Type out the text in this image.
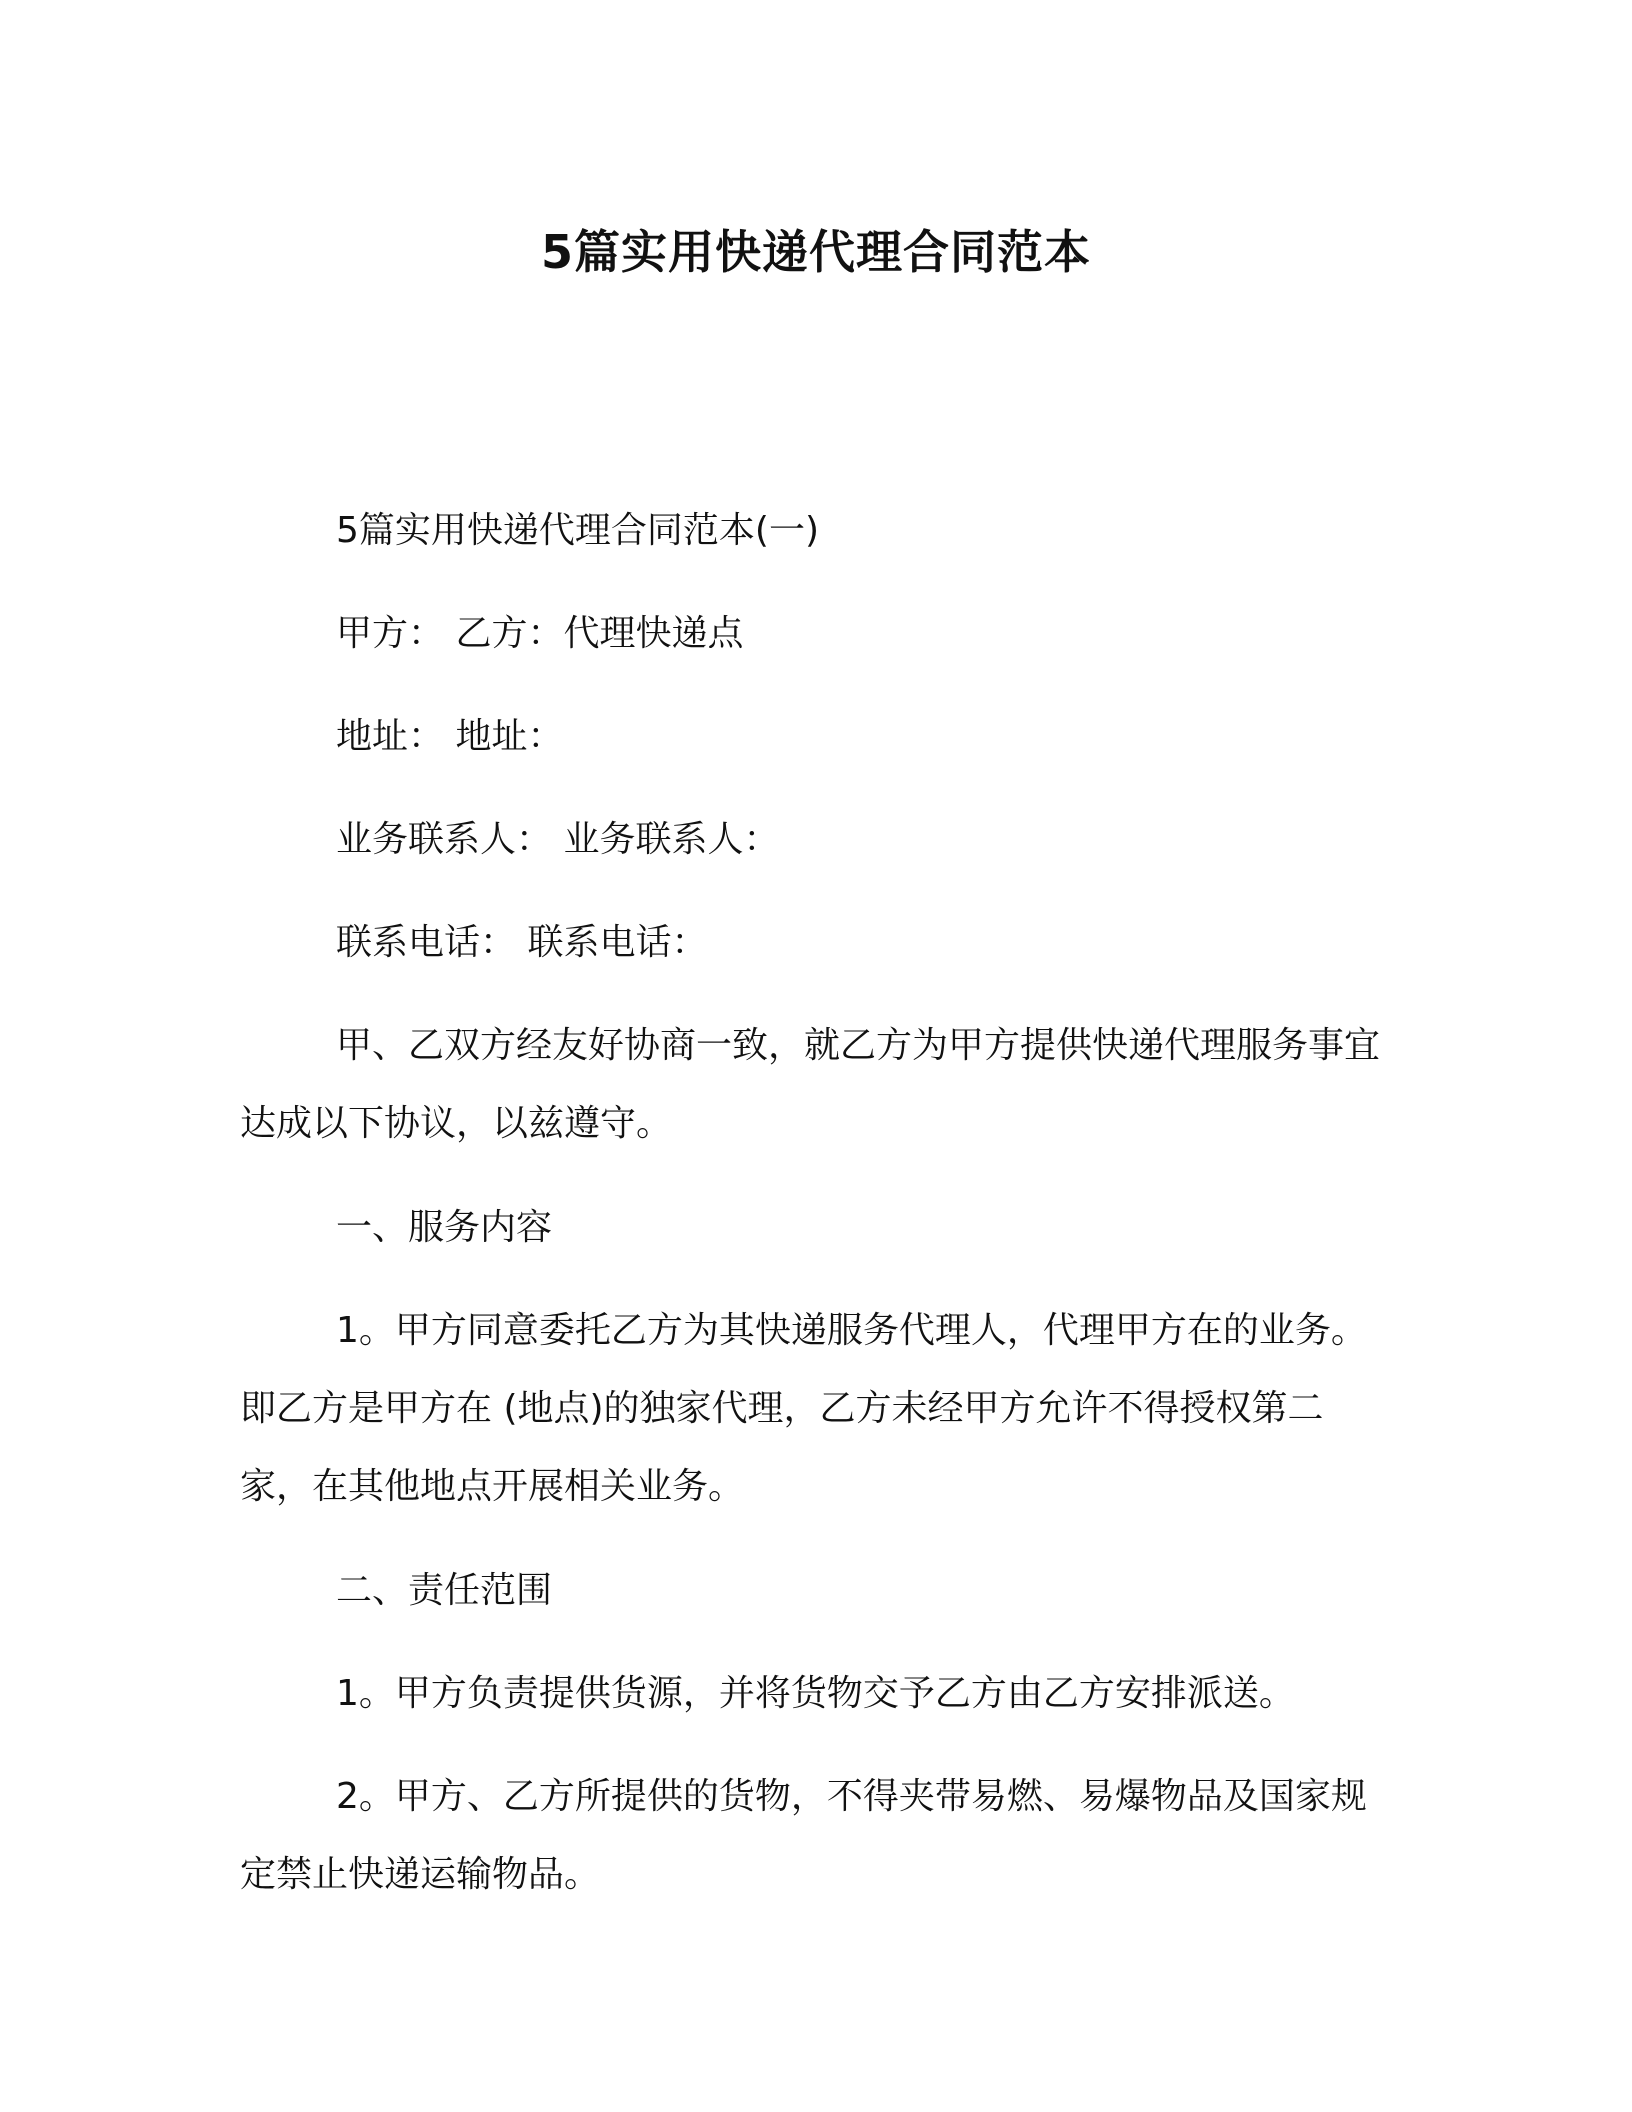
5篇实用快递代理合同范本

5篇实用快递代理合同范本(一)

甲方： 乙方：代理快递点

地址： 地址：

业务联系人： 业务联系人：

联系电话： 联系电话：

甲、乙双方经友好协商一致，就乙方为甲方提供快递代理服务事宜达成以下协议，以兹遵守。

一、服务内容

1。甲方同意委托乙方为其快递服务代理人，代理甲方在的业务。即乙方是甲方在 (地点)的独家代理，乙方未经甲方允许不得授权第二家，在其他地点开展相关业务。

二、责任范围

1。甲方负责提供货源，并将货物交予乙方由乙方安排派送。

2。甲方、乙方所提供的货物，不得夹带易燃、易爆物品及国家规定禁止快递运输物品。
